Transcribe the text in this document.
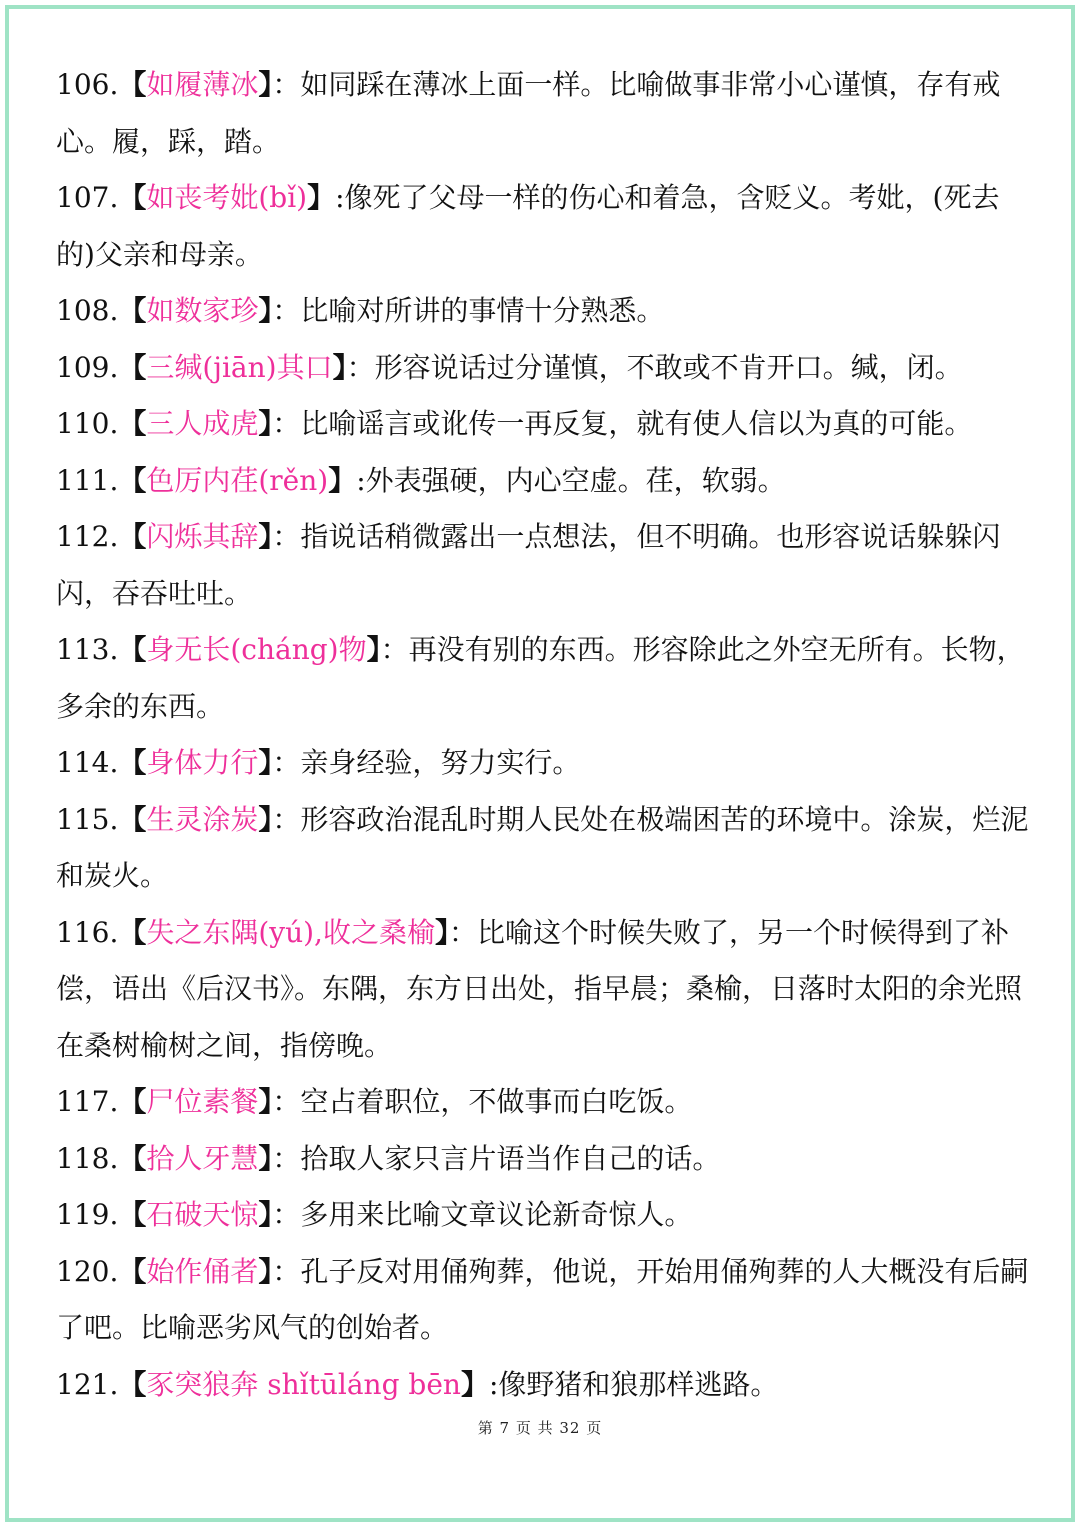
106.【如履薄冰】：如同踩在薄冰上面一样。比喻做事非常小心谨慎，存有戒心。履，踩，踏。

107.【如丧考妣(bǐ)】:像死了父母一样的伤心和着急，含贬义。考妣，(死去的)父亲和母亲。

108.【如数家珍】：比喻对所讲的事情十分熟悉。

109.【三缄(jiān)其口】：形容说话过分谨慎，不敢或不肯开口。缄，闭。

110.【三人成虎】：比喻谣言或讹传一再反复，就有使人信以为真的可能。

111.【色厉内荏(rěn)】:外表强硬，内心空虚。荏，软弱。

112.【闪烁其辞】：指说话稍微露出一点想法，但不明确。也形容说话躲躲闪闪，吞吞吐吐。

113.【身无长(cháng)物】：再没有别的东西。形容除此之外空无所有。长物，多余的东西。

114.【身体力行】：亲身经验，努力实行。

115.【生灵涂炭】：形容政治混乱时期人民处在极端困苦的环境中。涂炭，烂泥和炭火。

116.【失之东隅(yú),收之桑榆】：比喻这个时候失败了，另一个时候得到了补偿，语出《后汉书》。东隅，东方日出处，指早晨；桑榆，日落时太阳的余光照在桑树榆树之间，指傍晚。

117.【尸位素餐】：空占着职位，不做事而白吃饭。

118.【拾人牙慧】：拾取人家只言片语当作自己的话。

119.【石破天惊】：多用来比喻文章议论新奇惊人。

120.【始作俑者】：孔子反对用俑殉葬，他说，开始用俑殉葬的人大概没有后嗣了吧。比喻恶劣风气的创始者。

121.【豕突狼奔 shǐtūláng bēn】:像野猪和狼那样逃路。

第 7 页 共 32 页
